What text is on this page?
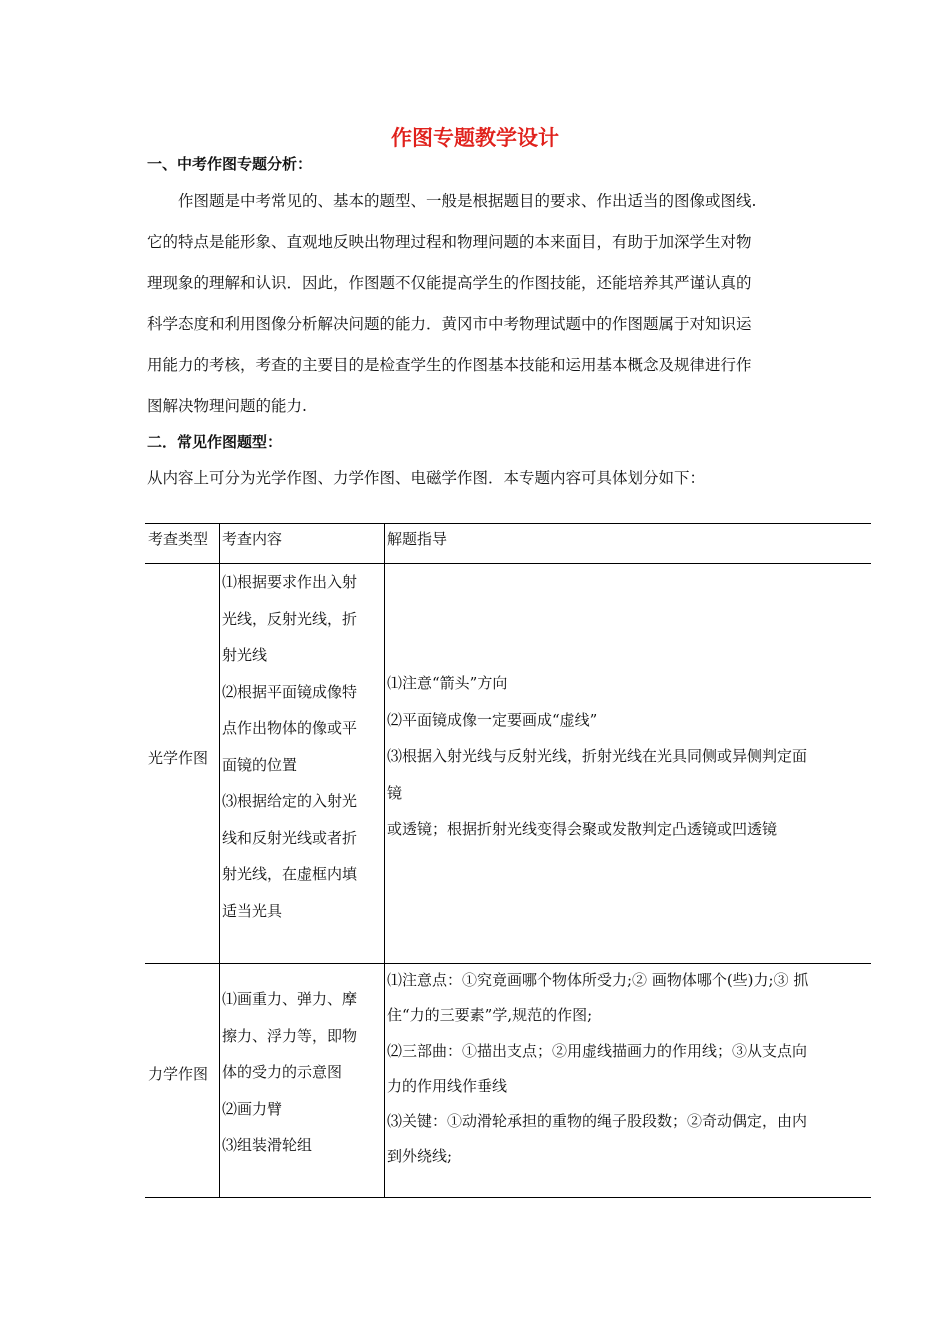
作图专题教学设计
一、中考作图专题分析：

　　作图题是中考常见的、基本的题型、一般是根据题目的要求、作出适当的图像或图线.

它的特点是能形象、直观地反映出物理过程和物理问题的本来面目，有助于加深学生对物

理现象的理解和认识．因此，作图题不仅能提高学生的作图技能，还能培养其严谨认真的

科学态度和利用图像分析解决问题的能力．黄冈市中考物理试题中的作图题属于对知识运

用能力的考核，考查的主要目的是检查学生的作图基本技能和运用基本概念及规律进行作

图解决物理问题的能力.

二．常见作图题型：
从内容上可分为光学作图、力学作图、电磁学作图．本专题内容可具体划分如下：
考查类型 考查内容	解题指导
光学作图
⑴根据要求作出入射
光线，反射光线，折
射光线
⑵根据平面镜成像特
点作出物体的像或平
面镜的位置
⑶根据给定的入射光
线和反射光线或者折
射光线，在虚框内填
适当光具
⑴注意“箭头”方向
⑵平面镜成像一定要画成“虚线”
⑶根据入射光线与反射光线，折射光线在光具同侧或异侧判定面
镜
或透镜；根据折射光线变得会聚或发散判定凸透镜或凹透镜
力学作图
⑴画重力、弹力、摩
擦力、浮力等，即物
体的受力的示意图
⑵画力臂
⑶组装滑轮组
⑴注意点：①究竟画哪个物体所受力;② 画物体哪个(些)力;③ 抓
住“力的三要素”学,规范的作图;
⑵三部曲：①描出支点；②用虚线描画力的作用线；③从支点向
力的作用线作垂线
⑶关键：①动滑轮承担的重物的绳子股段数；②奇动偶定，由内
到外绕线;
